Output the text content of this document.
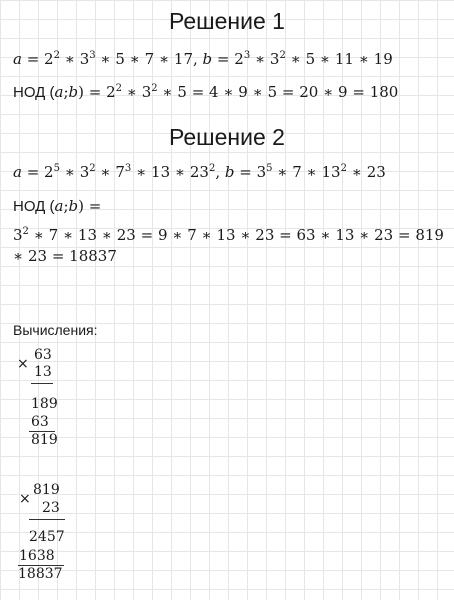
Решение 1
$a = 2^2$ ∗ $3^3$ ∗ 5 ∗ 7 ∗ 17, $b = 2^3$ ∗ $3^2$ ∗ 5 ∗ 11 ∗ 19
НОД (a;b) = $2^2$ ∗ $3^2$ ∗ 5 = 4 ∗ 9 ∗ 5 = 20 ∗ 9 = 180
Решение 2
$a = 2^5$ ∗ $3^2$ ∗ $7^3$ ∗ 13 ∗ $23^2$, $b = 3^5$ ∗ 7 ∗ $13^2$ ∗ 23
НОД (a;b) =
$3^2$ ∗ 7 ∗ 13 ∗ 23 = 9 ∗ 7 ∗ 13 ∗ 23 = 63 ∗ 13 ∗ 23 = 819
∗ 23 = 18837
Вычисления:
×
63
13
189
63
819
×
819
23
2457
1638
18837
